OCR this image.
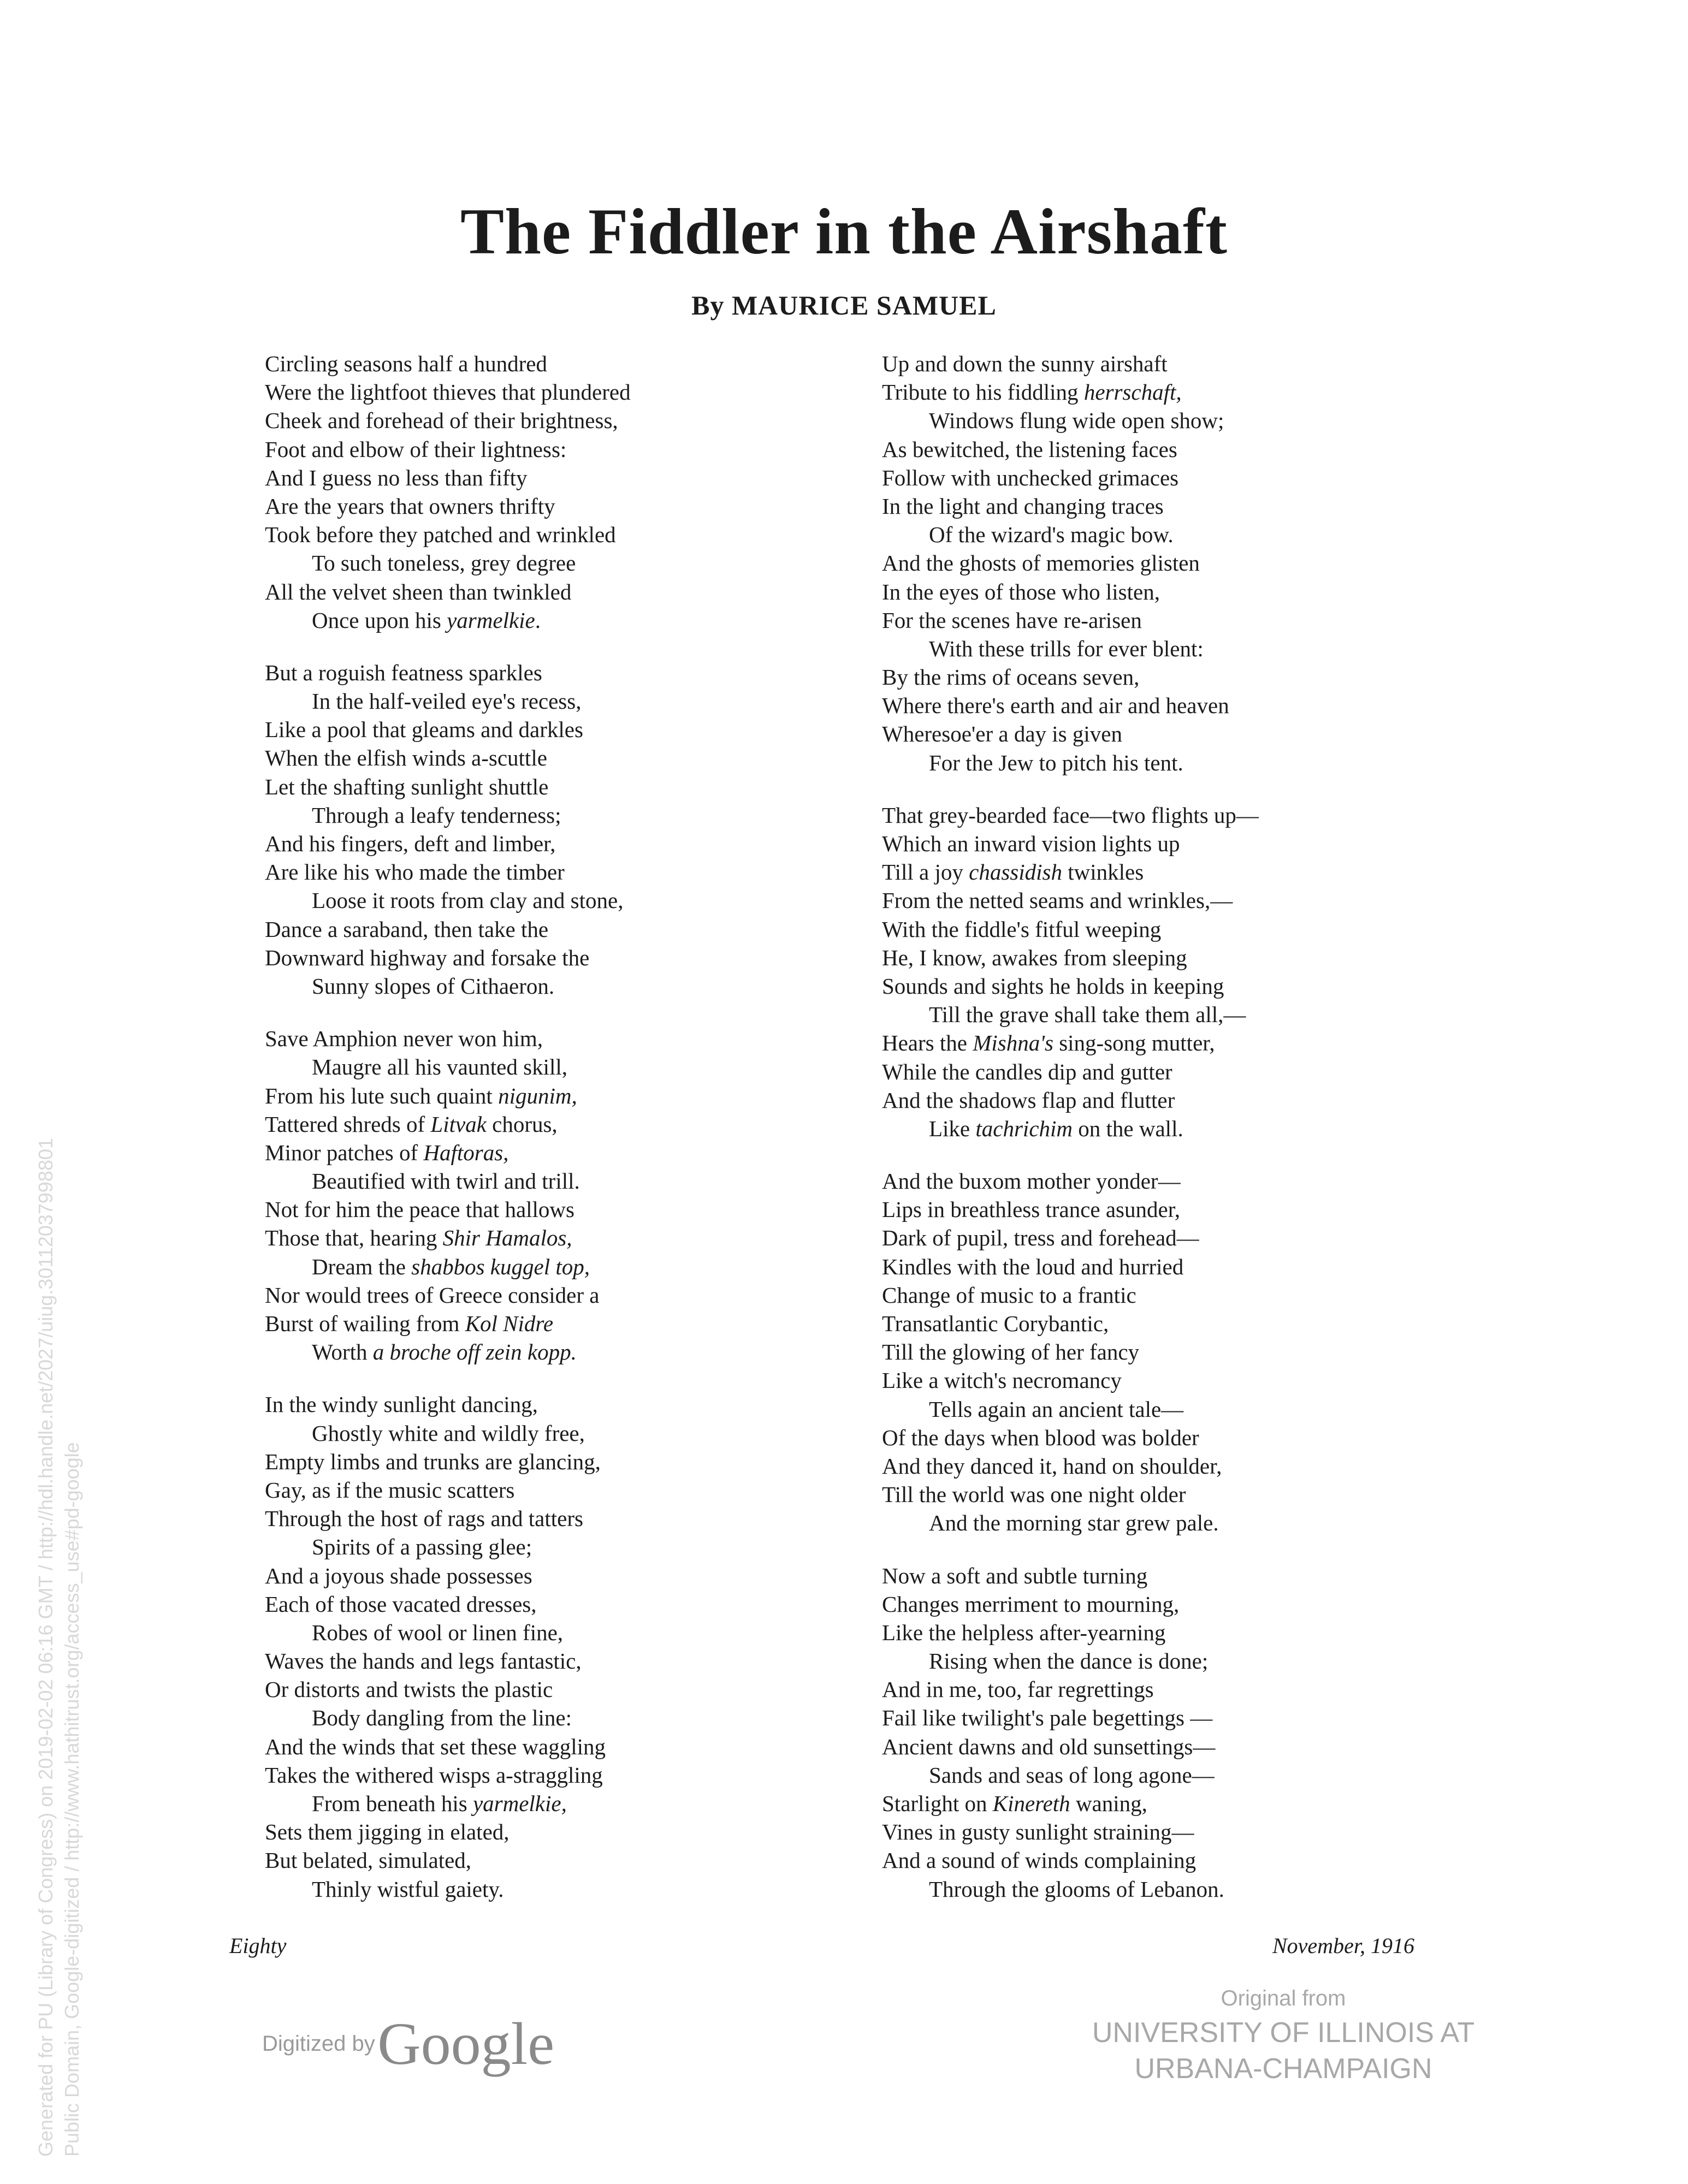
The Fiddler in the Airshaft
By MAURICE SAMUEL
Circling seasons half a hundred
Were the lightfoot thieves that plundered
Cheek and forehead of their brightness,
Foot and elbow of their lightness:
And I guess no less than fifty
Are the years that owners thrifty
Took before they patched and wrinkled
To such toneless, grey degree
All the velvet sheen than twinkled
Once upon his yarmelkie.
But a roguish featness sparkles
In the half-veiled eye's recess,
Like a pool that gleams and darkles
When the elfish winds a-scuttle
Let the shafting sunlight shuttle
Through a leafy tenderness;
And his fingers, deft and limber,
Are like his who made the timber
Loose it roots from clay and stone,
Dance a saraband, then take the
Downward highway and forsake the
Sunny slopes of Cithaeron.
Save Amphion never won him,
Maugre all his vaunted skill,
From his lute such quaint nigunim,
Tattered shreds of Litvak chorus,
Minor patches of Haftoras,
Beautified with twirl and trill.
Not for him the peace that hallows
Those that, hearing Shir Hamalos,
Dream the shabbos kuggel top,
Nor would trees of Greece consider a
Burst of wailing from Kol Nidre
Worth a broche off zein kopp.
In the windy sunlight dancing,
Ghostly white and wildly free,
Empty limbs and trunks are glancing,
Gay, as if the music scatters
Through the host of rags and tatters
Spirits of a passing glee;
And a joyous shade possesses
Each of those vacated dresses,
Robes of wool or linen fine,
Waves the hands and legs fantastic,
Or distorts and twists the plastic
Body dangling from the line:
And the winds that set these waggling
Takes the withered wisps a-straggling
From beneath his yarmelkie,
Sets them jigging in elated,
But belated, simulated,
Thinly wistful gaiety.
Up and down the sunny airshaft
Tribute to his fiddling herrschaft,
Windows flung wide open show;
As bewitched, the listening faces
Follow with unchecked grimaces
In the light and changing traces
Of the wizard's magic bow.
And the ghosts of memories glisten
In the eyes of those who listen,
For the scenes have re-arisen
With these trills for ever blent:
By the rims of oceans seven,
Where there's earth and air and heaven
Wheresoe'er a day is given
For the Jew to pitch his tent.
That grey-bearded face—two flights up—
Which an inward vision lights up
Till a joy chassidish twinkles
From the netted seams and wrinkles,—
With the fiddle's fitful weeping
He, I know, awakes from sleeping
Sounds and sights he holds in keeping
Till the grave shall take them all,—
Hears the Mishna's sing-song mutter,
While the candles dip and gutter
And the shadows flap and flutter
Like tachrichim on the wall.
And the buxom mother yonder—
Lips in breathless trance asunder,
Dark of pupil, tress and forehead—
Kindles with the loud and hurried
Change of music to a frantic
Transatlantic Corybantic,
Till the glowing of her fancy
Like a witch's necromancy
Tells again an ancient tale—
Of the days when blood was bolder
And they danced it, hand on shoulder,
Till the world was one night older
And the morning star grew pale.
Now a soft and subtle turning
Changes merriment to mourning,
Like the helpless after-yearning
Rising when the dance is done;
And in me, too, far regrettings
Fail like twilight's pale begettings —
Ancient dawns and old sunsettings—
Sands and seas of long agone—
Starlight on Kinereth waning,
Vines in gusty sunlight straining—
And a sound of winds complaining
Through the glooms of Lebanon.
Eighty	November, 1916
Digitized by Google
Original from
UNIVERSITY OF ILLINOIS AT
URBANA-CHAMPAIGN
Generated for PU (Library of Congress) on 2019-02-02 06:16 GMT / http://hdl.handle.net/2027/uiug.30112037998801 Public Domain, Google-digitized / http://www.hathitrust.org/access_use#pd-google
